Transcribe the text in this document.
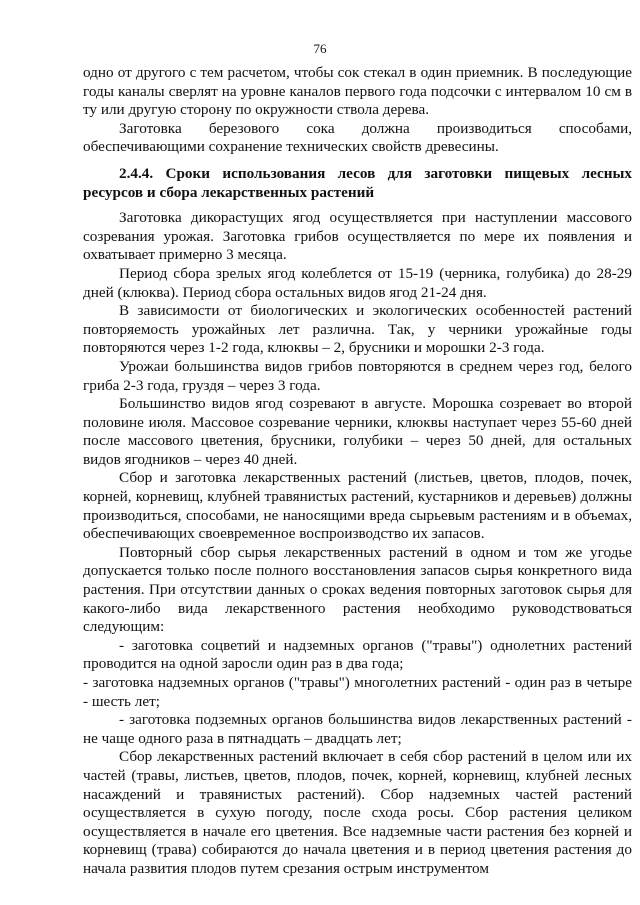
76

одно от другого с тем расчетом, чтобы сок стекал в один приемник. В последующие годы каналы сверлят на уровне каналов первого года подсочки с интервалом 10 см в ту или другую сторону по окружности ствола дерева.

Заготовка березового сока должна производиться способами, обеспечивающими сохранение технических свойств древесины.

2.4.4. Сроки использования лесов для заготовки пищевых лесных ресурсов и сбора лекарственных растений

Заготовка дикорастущих ягод осуществляется при наступлении массового созревания урожая. Заготовка грибов осуществляется по мере их появления и охватывает примерно 3 месяца.

Период сбора зрелых ягод колеблется от 15-19 (черника, голубика) до 28-29 дней (клюква). Период сбора остальных видов ягод 21-24 дня.

В зависимости от биологических и экологических особенностей растений повторяемость урожайных лет различна. Так, у черники урожайные годы повторяются через 1-2 года, клюквы – 2, брусники и морошки 2-3 года.

Урожаи большинства видов грибов повторяются в среднем через год, белого гриба 2-3 года, груздя – через 3 года.

Большинство видов ягод созревают в августе. Морошка созревает во второй половине июля. Массовое созревание черники, клюквы наступает через 55-60 дней после массового цветения, брусники, голубики – через 50 дней, для остальных видов ягодников – через 40 дней.

Сбор и заготовка лекарственных растений (листьев, цветов, плодов, почек, корней, корневищ, клубней травянистых растений, кустарников и деревьев) должны производиться, способами, не наносящими вреда сырьевым растениям и в объемах, обеспечивающих своевременное воспроизводство их запасов.

Повторный сбор сырья лекарственных растений в одном и том же угодье допускается только после полного восстановления запасов сырья конкретного вида растения. При отсутствии данных о сроках ведения повторных заготовок сырья для какого-либо вида лекарственного растения необходимо руководствоваться следующим:

- заготовка соцветий и надземных органов ("травы") однолетних растений проводится на одной заросли один раз в два года;

- заготовка надземных органов ("травы") многолетних растений - один раз в четыре - шесть лет;

- заготовка подземных органов большинства видов лекарственных растений - не чаще одного раза в пятнадцать – двадцать лет;

Сбор лекарственных растений включает в себя сбор растений в целом или их частей (травы, листьев, цветов, плодов, почек, корней, корневищ, клубней лесных насаждений и травянистых растений). Сбор надземных частей растений осуществляется в сухую погоду, после схода росы. Сбор растения целиком осуществляется в начале его цветения. Все надземные части растения без корней и корневищ (трава) собираются до начала цветения и в период цветения растения до начала развития плодов путем срезания острым инструментом
